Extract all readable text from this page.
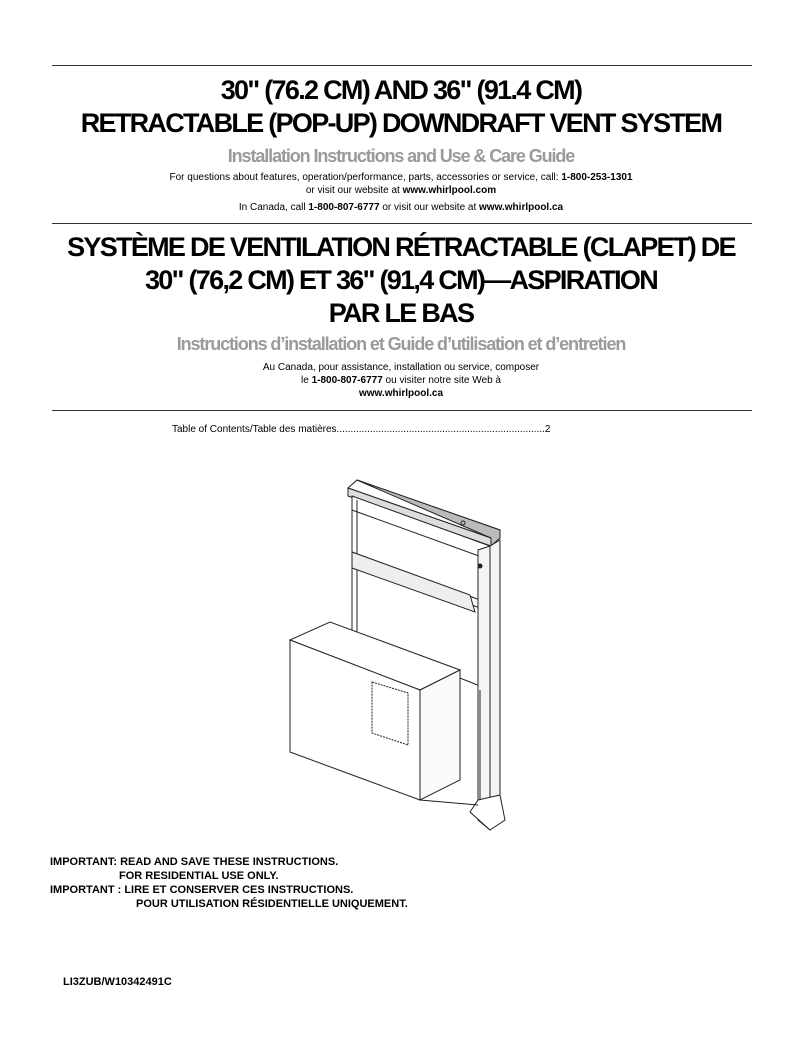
30" (76.2 CM) AND 36" (91.4 CM)
RETRACTABLE (POP-UP) DOWNDRAFT VENT SYSTEM
Installation Instructions and Use & Care Guide
For questions about features, operation/performance, parts, accessories or service, call: 1-800-253-1301
or visit our website at www.whirlpool.com
In Canada, call 1-800-807-6777 or visit our website at www.whirlpool.ca
SYSTÈME DE VENTILATION RÉTRACTABLE (CLAPET) DE
30" (76,2 CM) ET 36" (91,4 CM)—ASPIRATION
PAR LE BAS
Instructions d’installation et Guide d’utilisation et d’entretien
Au Canada, pour assistance, installation ou service, composer
le 1-800-807-6777 ou visiter notre site Web à
www.whirlpool.ca
Table of Contents/Table des matières...........................................................................2
IMPORTANT: READ AND SAVE THESE INSTRUCTIONS.
FOR RESIDENTIAL USE ONLY.
IMPORTANT : LIRE ET CONSERVER CES INSTRUCTIONS.
POUR UTILISATION RÉSIDENTIELLE UNIQUEMENT.
LI3ZUB/W10342491C
